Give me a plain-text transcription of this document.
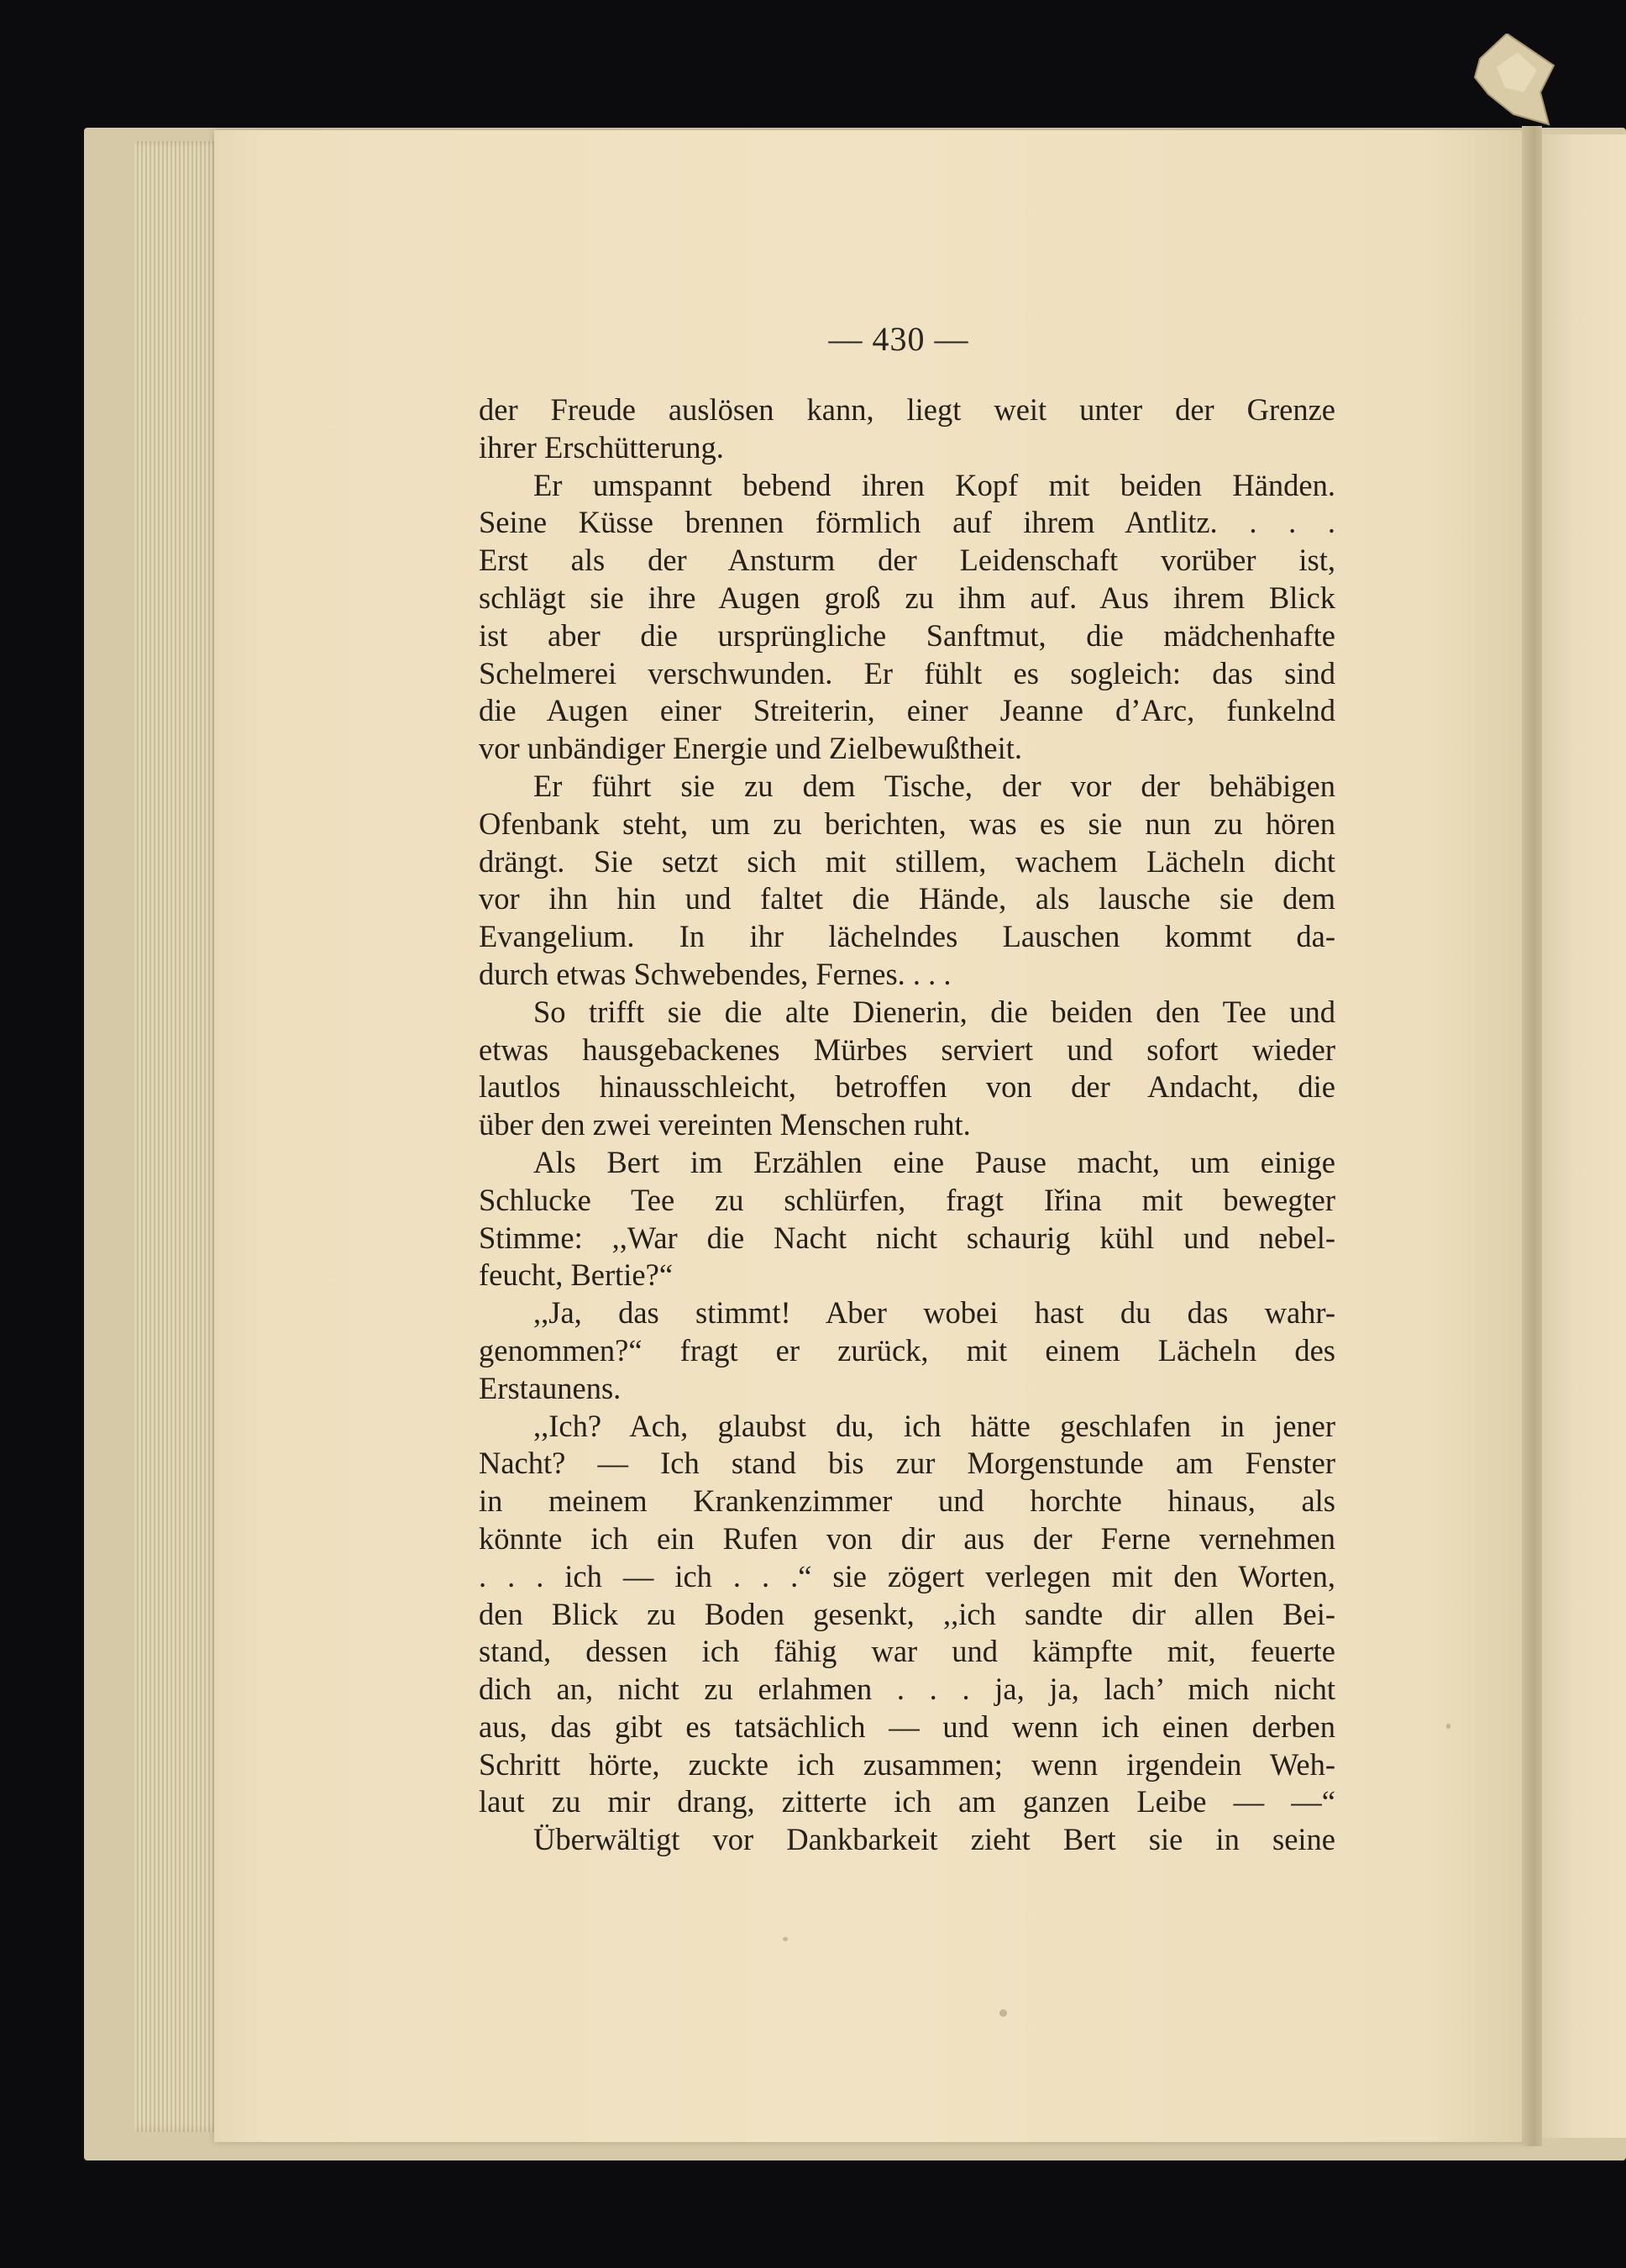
— 430 —
der Freude auslösen kann, liegt weit unter der Grenze
ihrer Erschütterung.
Er umspannt bebend ihren Kopf mit beiden Händen.
Seine Küsse brennen förmlich auf ihrem Antlitz. . . .
Erst als der Ansturm der Leidenschaft vorüber ist,
schlägt sie ihre Augen groß zu ihm auf. Aus ihrem Blick
ist aber die ursprüngliche Sanftmut, die mädchenhafte
Schelmerei verschwunden. Er fühlt es sogleich: das sind
die Augen einer Streiterin, einer Jeanne d’Arc, funkelnd
vor unbändiger Energie und Zielbewußtheit.
Er führt sie zu dem Tische, der vor der behäbigen
Ofenbank steht, um zu berichten, was es sie nun zu hören
drängt. Sie setzt sich mit stillem, wachem Lächeln dicht
vor ihn hin und faltet die Hände, als lausche sie dem
Evangelium. In ihr lächelndes Lauschen kommt da-
durch etwas Schwebendes, Fernes. . . .
So trifft sie die alte Dienerin, die beiden den Tee und
etwas hausgebackenes Mürbes serviert und sofort wieder
lautlos hinausschleicht, betroffen von der Andacht, die
über den zwei vereinten Menschen ruht.
Als Bert im Erzählen eine Pause macht, um einige
Schlucke Tee zu schlürfen, fragt Iřina mit bewegter
Stimme: ,,War die Nacht nicht schaurig kühl und nebel-
feucht, Bertie?“
,,Ja, das stimmt! Aber wobei hast du das wahr-
genommen?“ fragt er zurück, mit einem Lächeln des
Erstaunens.
,,Ich? Ach, glaubst du, ich hätte geschlafen in jener
Nacht? — Ich stand bis zur Morgenstunde am Fenster
in meinem Krankenzimmer und horchte hinaus, als
könnte ich ein Rufen von dir aus der Ferne vernehmen
. . . ich — ich . . .“ sie zögert verlegen mit den Worten,
den Blick zu Boden gesenkt, ,,ich sandte dir allen Bei-
stand, dessen ich fähig war und kämpfte mit, feuerte
dich an, nicht zu erlahmen . . . ja, ja, lach’ mich nicht
aus, das gibt es tatsächlich — und wenn ich einen derben
Schritt hörte, zuckte ich zusammen; wenn irgendein Weh-
laut zu mir drang, zitterte ich am ganzen Leibe — —“
Überwältigt vor Dankbarkeit zieht Bert sie in seine
